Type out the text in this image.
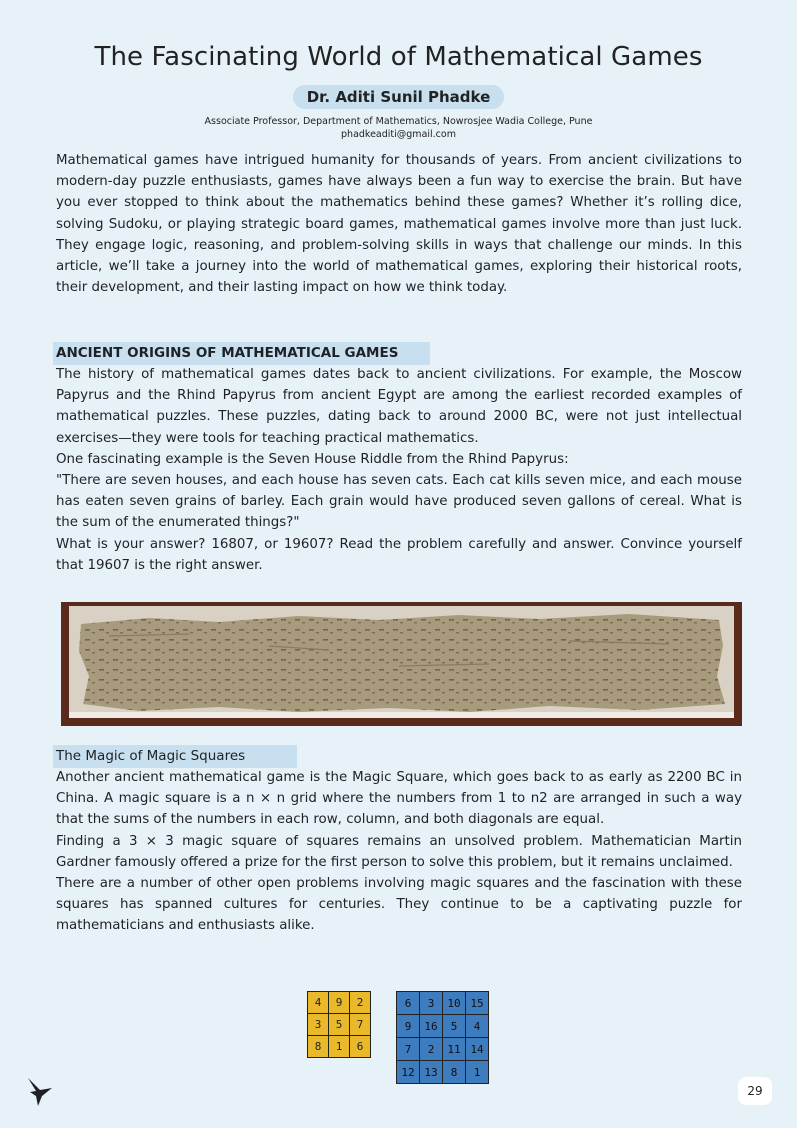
The Fascinating World of Mathematical Games
Dr. Aditi Sunil Phadke
Associate Professor, Department of Mathematics, Nowrosjee Wadia College, Pune
phadkeaditi@gmail.com

Mathematical games have intrigued humanity for thousands of years. From ancient civilizations to modern-day puzzle enthusiasts, games have always been a fun way to exercise the brain. But have you ever stopped to think about the mathematics behind these games? Whether it’s rolling dice, solving Sudoku, or playing strategic board games, mathematical games involve more than just luck. They engage logic, reasoning, and problem-solving skills in ways that challenge our minds. In this article, we’ll take a journey into the world of mathematical games, exploring their historical roots, their development, and their lasting impact on how we think today.

ANCIENT ORIGINS OF MATHEMATICAL GAMES

The history of mathematical games dates back to ancient civilizations. For example, the Moscow Papyrus and the Rhind Papyrus from ancient Egypt are among the earliest recorded examples of mathematical puzzles. These puzzles, dating back to around 2000 BC, were not just intellectual exercises—they were tools for teaching practical mathematics.

One fascinating example is the Seven House Riddle from the Rhind Papyrus:

"There are seven houses, and each house has seven cats. Each cat kills seven mice, and each mouse has eaten seven grains of barley. Each grain would have produced seven gallons of cereal. What is the sum of the enumerated things?"

What is your answer? 16807, or 19607? Read the problem carefully and answer. Convince yourself that 19607 is the right answer.

The Magic of Magic Squares

Another ancient mathematical game is the Magic Square, which goes back to as early as 2200 BC in China. A magic square is a n × n grid where the numbers from 1 to n2 are arranged in such a way that the sums of the numbers in each row, column, and both diagonals are equal.

Finding a 3 × 3 magic square of squares remains an unsolved problem. Mathematician Martin Gardner famously offered a prize for the first person to solve this problem, but it remains unclaimed.

There are a number of other open problems involving magic squares and the fascination with these squares has spanned cultures for centuries. They continue to be a captivating puzzle for mathematicians and enthusiasts alike.

4	9	2
3	5	7
8	1	6
6	3	10	15
9	16	5	4
7	2	11	14
12	13	8	1
29
